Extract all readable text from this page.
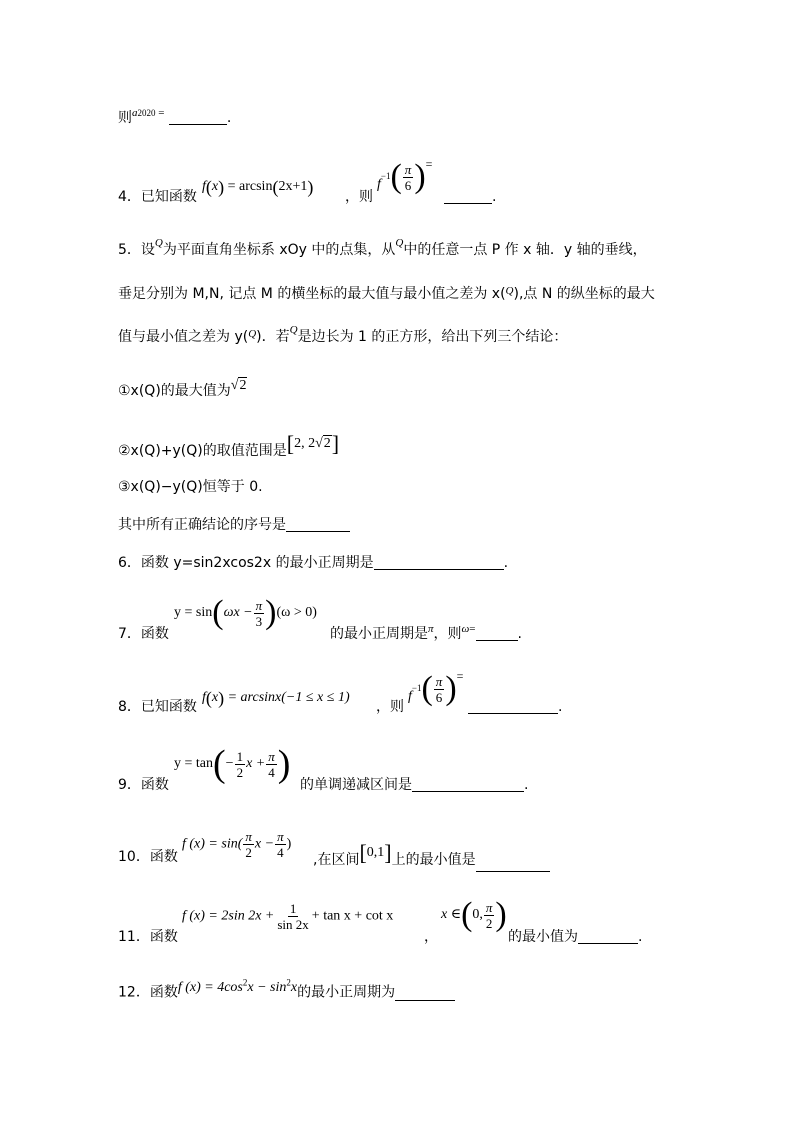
则$^{a2020 =}$	.
4．已知函数
f(x) = arcsin(2x+1) ，则
$f^{-1}( \frac{\pi}{6}$ )=
.
5．设$^Q$为平面直角坐标系 xOy 中的点集，从$^Q$中的任意一点 P 作 x 轴．y 轴的垂线，
垂足分别为 M,N, 记点 M 的横坐标的最大值与最小值之差为 x($^Q$),点 N 的纵坐标的最大
值与最小值之差为 y($^Q$)．若$^Q$是边长为 1 的正方形，给出下列三个结论：
①x(Q)的最大值为√2
②x(Q)+y(Q)的取值范围是[2, 2√2]
③x(Q)−y(Q)恒等于 0.
其中所有正确结论的序号是
6．函数 y=sin2xcos2x 的最小正周期是	.
7．函数
$y = \sin(\omega x - \frac{\pi}{3} )(\omega > 0)$
的最小正周期是$^\pi$，则$^{\omega=}$	.
8．已知函数
f(x) = arcsinx(−1 ≤ x ≤ 1)
，则
$f^{-1}( \frac{\pi}{6}$ )=
.
9．函数
$y = \tan(- \frac{1}{2}$ $x + \frac{\pi}{4}$ ) 的单调递减区间是	.
10．函数
f $(x) = \sin( \frac{\pi}{2}$ $x - \frac{\pi}{4}$ )
,在区间[0,1]上的最小值是
11．函数
f (x) = 2sin $2x + \frac{1}{\sin 2x} + \tan x + \cot x$
，
x ∈(0, $\frac{\pi}{2}$ )
的最小值为	.
12．函数f $(x) = 4\cos^2x - \sin^2x$的最小正周期为
